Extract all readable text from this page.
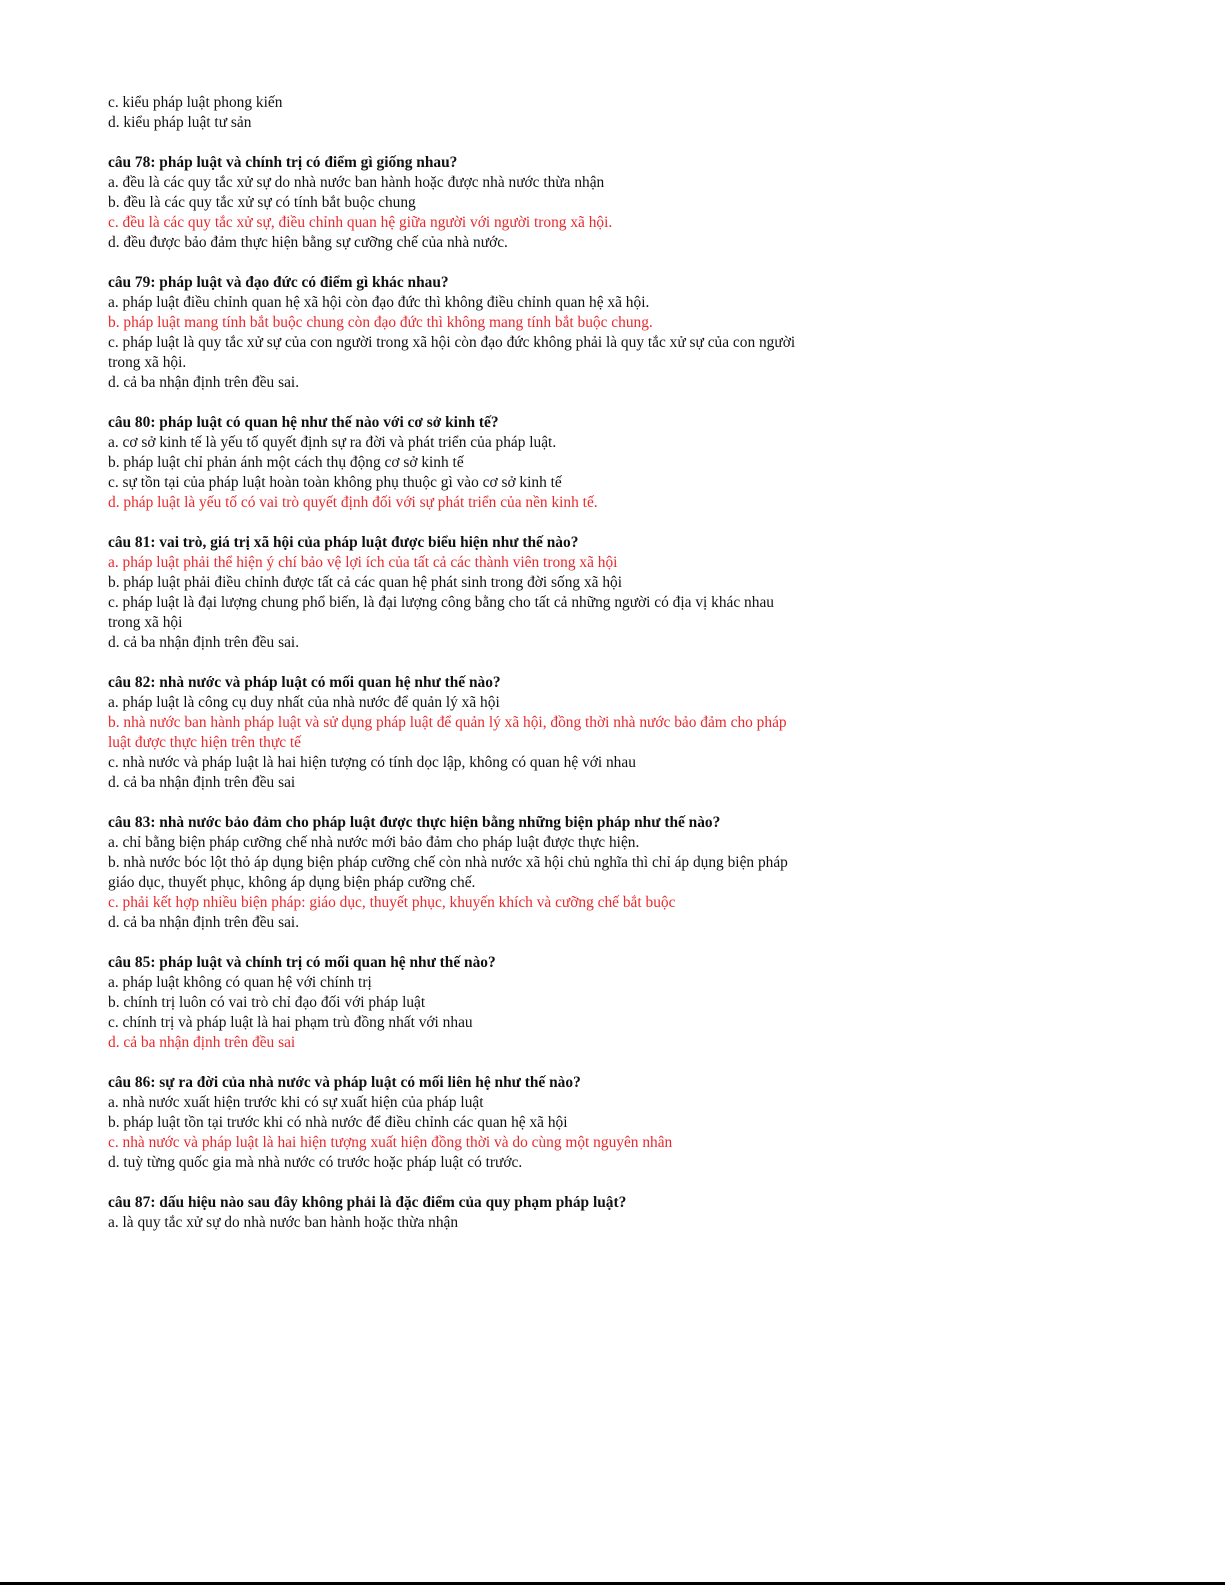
c. kiểu pháp luật phong kiến
d. kiểu pháp luật tư sản
câu 78: pháp luật và chính trị có điểm gì giống nhau?
a. đều là các quy tắc xử sự do nhà nước ban hành hoặc được nhà nước thừa nhận
b. đều là các quy tắc xử sự có tính bắt buộc chung
c. đều là các quy tắc xử sự, điều chỉnh quan hệ giữa người với người trong xã hội.
d. đều được bảo đảm thực hiện bằng sự cưỡng chế của nhà nước.
câu 79: pháp luật và đạo đức có điểm gì khác nhau?
a. pháp luật điều chỉnh quan hệ xã hội còn đạo đức thì không điều chỉnh quan hệ xã hội.
b. pháp luật mang tính bắt buộc chung còn đạo đức thì không mang tính bắt buộc chung.
c. pháp luật là quy tắc xử sự của con người trong xã hội còn đạo đức không phải là quy tắc xử sự của con người
trong xã hội.
d. cả ba nhận định trên đều sai.
câu 80: pháp luật có quan hệ như thế nào với cơ sở kinh tế?
a. cơ sở kinh tế là yếu tố quyết định sự ra đời và phát triển của pháp luật.
b. pháp luật chỉ phản ánh một cách thụ động cơ sở kinh tế
c. sự tồn tại của pháp luật hoàn toàn không phụ thuộc gì vào cơ sở kinh tế
d. pháp luật là yếu tố có vai trò quyết định đối với sự phát triển của nền kinh tế.
câu 81: vai trò, giá trị xã hội của pháp luật được biểu hiện như thế nào?
a. pháp luật phải thể hiện ý chí bảo vệ lợi ích của tất cả các thành viên trong xã hội
b. pháp luật phải điều chỉnh được tất cả các quan hệ phát sinh trong đời sống xã hội
c. pháp luật là đại lượng chung phổ biến, là đại lượng công bằng cho tất cả những người có địa vị khác nhau
trong xã hội
d. cả ba nhận định trên đều sai.
câu 82: nhà nước và pháp luật có mối quan hệ như thế nào?
a. pháp luật là công cụ duy nhất của nhà nước để quản lý xã hội
b. nhà nước ban hành pháp luật và sử dụng pháp luật để quản lý xã hội, đồng thời nhà nước bảo đảm cho pháp
luật được thực hiện trên thực tế
c. nhà nước và pháp luật là hai hiện tượng có tính dọc lập, không có quan hệ với nhau
d. cả ba nhận định trên đều sai
câu 83: nhà nước bảo đảm cho pháp luật được thực hiện bằng những biện pháp như thế nào?
a. chỉ bằng biện pháp cưỡng chế nhà nước mới bảo đảm cho pháp luật được thực hiện.
b. nhà nước bóc lột thỏ áp dụng biện pháp cưỡng chế còn nhà nước xã hội chủ nghĩa thì chỉ áp dụng biện pháp
giáo dục, thuyết phục, không áp dụng biện pháp cưỡng chế.
c. phải kết hợp nhiều biện pháp: giáo dục, thuyết phục, khuyến khích và cưỡng chế bắt buộc
d. cả ba nhận định trên đều sai.
câu 85: pháp luật và chính trị có mối quan hệ như thế nào?
a. pháp luật không có quan hệ với chính trị
b. chính trị luôn có vai trò chỉ đạo đối với pháp luật
c. chính trị và pháp luật là hai phạm trù đồng nhất với nhau
d. cả ba nhận định trên đều sai
câu 86: sự ra đời của nhà nước và pháp luật có mối liên hệ như thế nào?
a. nhà nước xuất hiện trước khi có sự xuất hiện của pháp luật
b. pháp luật tồn tại trước khi có nhà nước để điều chỉnh các quan hệ xã hội
c. nhà nước và pháp luật là hai hiện tượng xuất hiện đồng thời và do cùng một nguyên nhân
d. tuỳ từng quốc gia mà nhà nước có trước hoặc pháp luật có trước.
câu 87: dấu hiệu nào sau đây không phải là đặc điểm của quy phạm pháp luật?
a. là quy tắc xử sự do nhà nước ban hành hoặc thừa nhận
